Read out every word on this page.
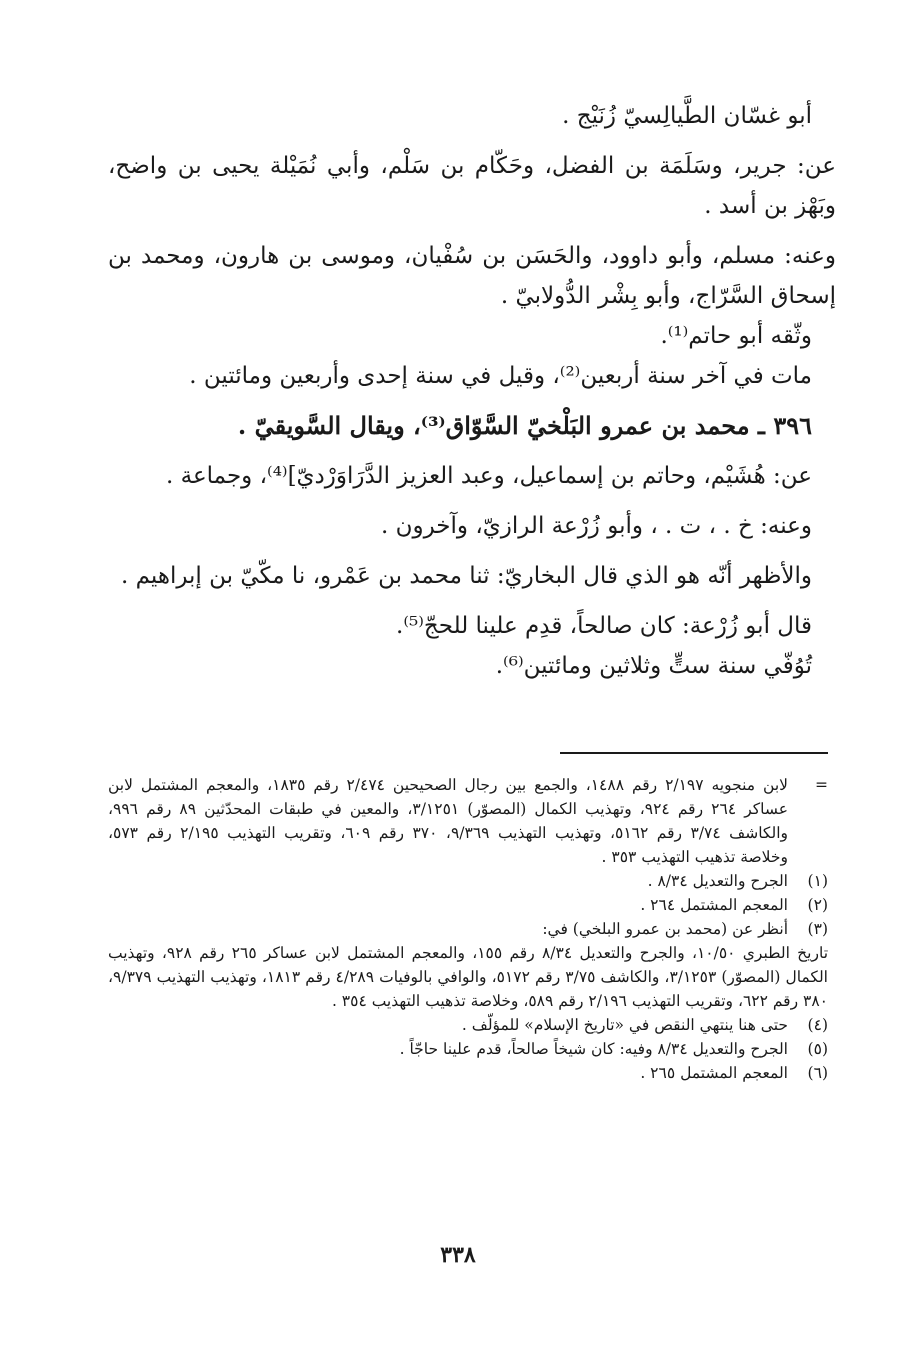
أبو غسّان الطَّيالِسيّ زُنَيْج .

عن: جرير، وسَلَمَة بن الفضل، وحَكّام بن سَلْم، وأبي نُمَيْلة يحيى بن واضح، وبَهْز بن أسد .

وعنه: مسلم، وأبو داوود، والحَسَن بن سُفْيان، وموسى بن هارون، ومحمد بن إسحاق السَّرّاج، وأبو بِشْر الدُّولابيّ .

وثّقه أبو حاتم⁽¹⁾.

مات في آخر سنة أربعين⁽²⁾، وقيل في سنة إحدى وأربعين ومائتين .

٣٩٦ ـ محمد بن عمرو البَلْخيّ السَّوّاق⁽³⁾، ويقال السَّويقيّ .

عن: هُشَيْم، وحاتم بن إسماعيل، وعبد العزيز الدَّرَاوَرْديّ]⁽⁴⁾، وجماعة .

وعنه: خ . ، ت . ، وأبو زُرْعة الرازيّ، وآخرون .

والأظهر أنّه هو الذي قال البخاريّ: ثنا محمد بن عَمْرو، نا مكّيّ بن إبراهيم .

قال أبو زُرْعة: كان صالحاً، قدِم علينا للحجّ⁽⁵⁾.

تُوُفّي سنة ستٍّ وثلاثين ومائتين⁽⁶⁾.

=
لابن منجويه ٢/١٩٧ رقم ١٤٨٨، والجمع بين رجال الصحيحين ٢/٤٧٤ رقم ١٨٣٥، والمعجم المشتمل لابن عساكر ٢٦٤ رقم ٩٢٤، وتهذيب الكمال (المصوّر) ٣/١٢٥١، والمعين في طبقات المحدّثين ٨٩ رقم ٩٩٦، والكاشف ٣/٧٤ رقم ٥١٦٢، وتهذيب التهذيب ٩/٣٦٩، ٣٧٠ رقم ٦٠٩، وتقريب التهذيب ٢/١٩٥ رقم ٥٧٣، وخلاصة تذهيب التهذيب ٣٥٣ .
(١)
الجرح والتعديل ٨/٣٤ .
(٢)
المعجم المشتمل ٢٦٤ .
(٣)
أنظر عن (محمد بن عمرو البلخي) في:

تاريخ الطبري ١٠/٥٠، والجرح والتعديل ٨/٣٤ رقم ١٥٥، والمعجم المشتمل لابن عساكر ٢٦٥ رقم ٩٢٨، وتهذيب الكمال (المصوّر) ٣/١٢٥٣، والكاشف ٣/٧٥ رقم ٥١٧٢، والوافي بالوفيات ٤/٢٨٩ رقم ١٨١٣، وتهذيب التهذيب ٩/٣٧٩، ٣٨٠ رقم ٦٢٢، وتقريب التهذيب ٢/١٩٦ رقم ٥٨٩، وخلاصة تذهيب التهذيب ٣٥٤ .

(٤)
حتى هنا ينتهي النقص في «تاريخ الإسلام» للمؤلّف .
(٥)
الجرح والتعديل ٨/٣٤ وفيه: كان شيخاً صالحاً، قدم علينا حاجّاً .
(٦)
المعجم المشتمل ٢٦٥ .
٣٣٨
